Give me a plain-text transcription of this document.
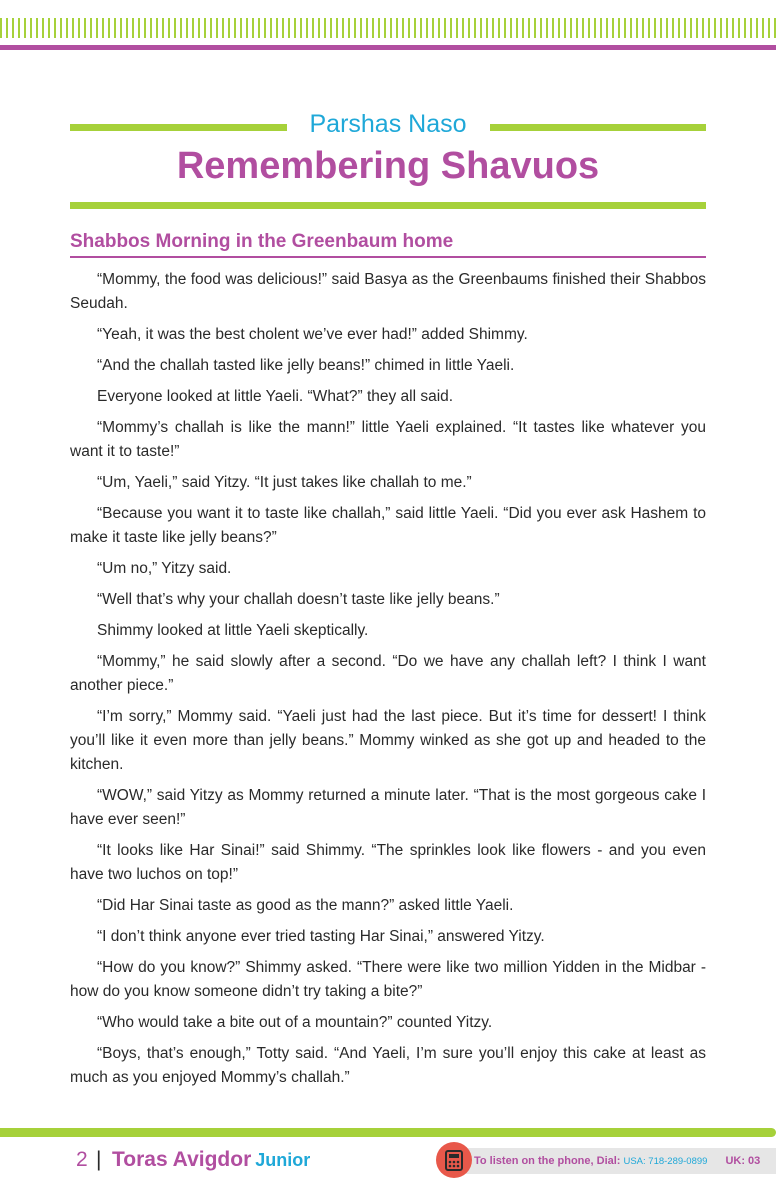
Parshas Naso
Remembering Shavuos
Shabbos Morning in the Greenbaum home

“Mommy, the food was delicious!” said Basya as the Greenbaums finished their Shabbos Seudah.

“Yeah, it was the best cholent we’ve ever had!” added Shimmy.

“And the challah tasted like jelly beans!” chimed in little Yaeli.

Everyone looked at little Yaeli. “What?” they all said.

“Mommy’s challah is like the mann!” little Yaeli explained. “It tastes like whatever you want it to taste!”

“Um, Yaeli,” said Yitzy. “It just takes like challah to me.”

“Because you want it to taste like challah,” said little Yaeli. “Did you ever ask Hashem to make it taste like jelly beans?”

“Um no,” Yitzy said.

“Well that’s why your challah doesn’t taste like jelly beans.”

Shimmy looked at little Yaeli skeptically.

“Mommy,” he said slowly after a second. “Do we have any challah left? I think I want another piece.”

“I’m sorry,” Mommy said. “Yaeli just had the last piece. But it’s time for dessert! I think you’ll like it even more than jelly beans.” Mommy winked as she got up and headed to the kitchen.

“WOW,” said Yitzy as Mommy returned a minute later. “That is the most gorgeous cake I have ever seen!”

“It looks like Har Sinai!” said Shimmy. “The sprinkles look like flowers - and you even have two luchos on top!”

“Did Har Sinai taste as good as the mann?” asked little Yaeli.

“I don’t think anyone ever tried tasting Har Sinai,” answered Yitzy.

“How do you know?” Shimmy asked. “There were like two million Yidden in the Midbar - how do you know someone didn’t try taking a bite?”

“Who would take a bite out of a mountain?” counted Yitzy.

“Boys, that’s enough,” Totty said. “And Yaeli, I’m sure you’ll enjoy this cake at least as much as you enjoyed Mommy’s challah.”

2 | Toras Avigdor Junior	To listen on the phone, Dial: USA: 718-289-0899 UK: 03
